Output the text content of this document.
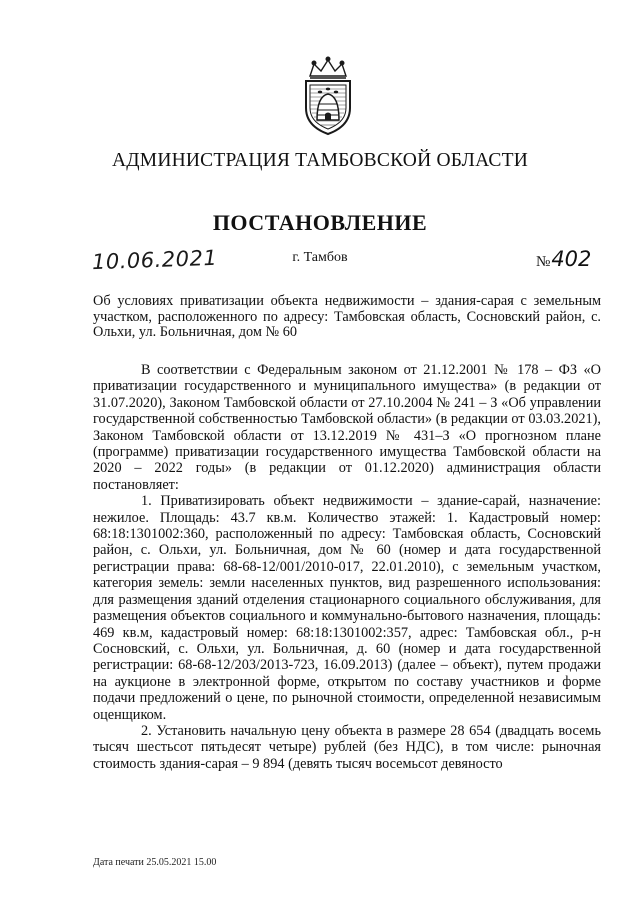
АДМИНИСТРАЦИЯ ТАМБОВСКОЙ ОБЛАСТИ
ПОСТАНОВЛЕНИЕ
10.06.2021	г. Тамбов	№402
Об условиях приватизации объекта недвижимости – здания-сарая с земельным участком, расположенного по адресу: Тамбовская область, Сосновский район, с. Ольхи, ул. Больничная, дом № 60

В соответствии с Федеральным законом от 21.12.2001 № 178 – ФЗ «О приватизации государственного и муниципального имущества» (в редакции от 31.07.2020), Законом Тамбовской области от 27.10.2004 № 241 – З «Об управлении государственной собственностью Тамбовской области» (в редакции от 03.03.2021), Законом Тамбовской области от 13.12.2019 № 431–З «О прогнозном плане (программе) приватизации государственного имущества Тамбовской области на 2020 – 2022 годы» (в редакции от 01.12.2020) администрация области постановляет:

1. Приватизировать объект недвижимости – здание-сарай, назначение: нежилое. Площадь: 43.7 кв.м. Количество этажей: 1. Кадастровый номер: 68:18:1301002:360, расположенный по адресу: Тамбовская область, Сосновский район, с. Ольхи, ул. Больничная, дом № 60 (номер и дата государственной регистрации права: 68-68-12/001/2010-017, 22.01.2010), с земельным участком, категория земель: земли населенных пунктов, вид разрешенного использования: для размещения зданий отделения стационарного социального обслуживания, для размещения объектов социального и коммунально-бытового назначения, площадь: 469 кв.м, кадастровый номер: 68:18:1301002:357, адрес: Тамбовская обл., р-н Сосновский, с. Ольхи, ул. Больничная, д. 60 (номер и дата государственной регистрации: 68-68-12/203/2013-723, 16.09.2013) (далее – объект), путем продажи на аукционе в электронной форме, открытом по составу участников и форме подачи предложений о цене, по рыночной стоимости, определенной независимым оценщиком.

2. Установить начальную цену объекта в размере 28 654 (двадцать восемь тысяч шестьсот пятьдесят четыре) рублей (без НДС), в том числе: рыночная стоимость здания-сарая – 9 894 (девять тысяч восемьсот девяносто

Дата печати 25.05.2021 15.00
